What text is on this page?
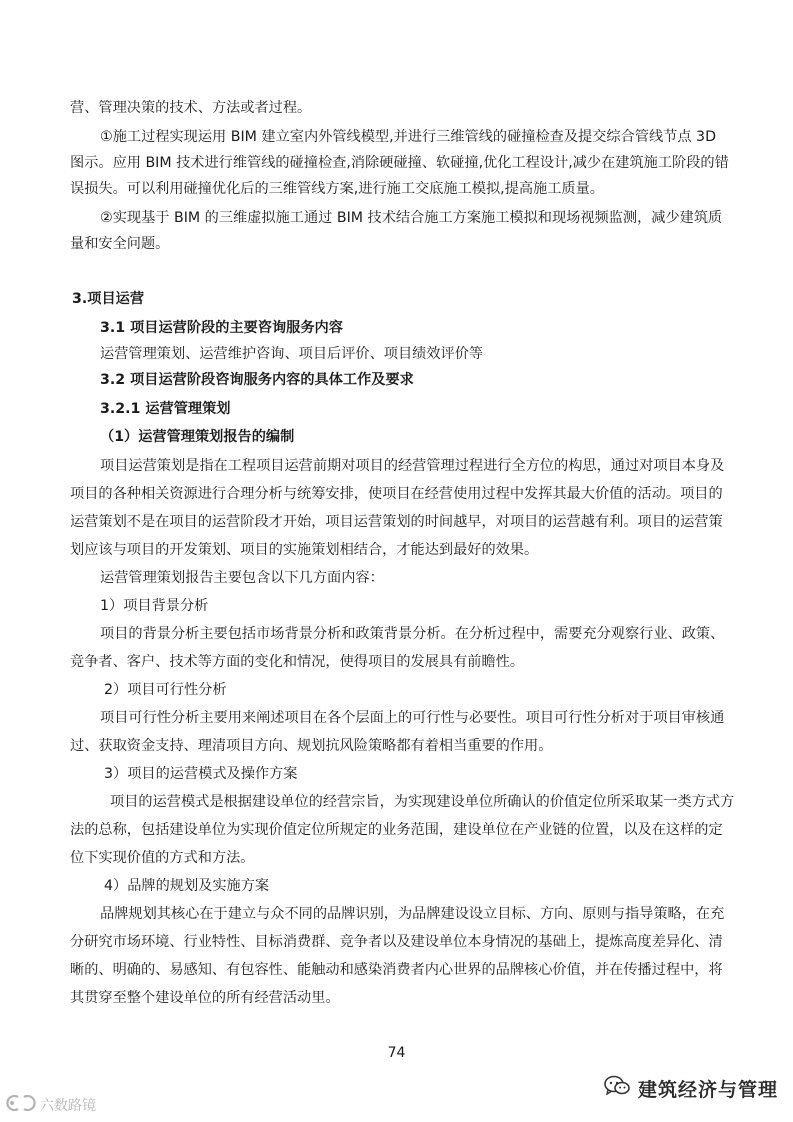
营、管理决策的技术、方法或者过程。
①施工过程实现运用 BIM 建立室内外管线模型,并进行三维管线的碰撞检查及提交综合管线节点 3D
图示。应用 BIM 技术进行维管线的碰撞检查,消除硬碰撞、软碰撞,优化工程设计,减少在建筑施工阶段的错
误损失。可以利用碰撞优化后的三维管线方案,进行施工交底施工模拟,提高施工质量。
②实现基于 BIM 的三维虚拟施工通过 BIM 技术结合施工方案施工模拟和现场视频监测，减少建筑质
量和安全问题。
3.项目运营
3.1 项目运营阶段的主要咨询服务内容
运营管理策划、运营维护咨询、项目后评价、项目绩效评价等
3.2 项目运营阶段咨询服务内容的具体工作及要求
3.2.1 运营管理策划
（1）运营管理策划报告的编制
项目运营策划是指在工程项目运营前期对项目的经营管理过程进行全方位的构思，通过对项目本身及
项目的各种相关资源进行合理分析与统筹安排，使项目在经营使用过程中发挥其最大价值的活动。项目的
运营策划不是在项目的运营阶段才开始，项目运营策划的时间越早，对项目的运营越有利。项目的运营策
划应该与项目的开发策划、项目的实施策划相结合，才能达到最好的效果。
运营管理策划报告主要包含以下几方面内容：
1）项目背景分析
项目的背景分析主要包括市场背景分析和政策背景分析。在分析过程中，需要充分观察行业、政策、
竞争者、客户、技术等方面的变化和情况，使得项目的发展具有前瞻性。
2）项目可行性分析
项目可行性分析主要用来阐述项目在各个层面上的可行性与必要性。项目可行性分析对于项目审核通
过、获取资金支持、理清项目方向、规划抗风险策略都有着相当重要的作用。
3）项目的运营模式及操作方案
项目的运营模式是根据建设单位的经营宗旨，为实现建设单位所确认的价值定位所采取某一类方式方
法的总称，包括建设单位为实现价值定位所规定的业务范围，建设单位在产业链的位置，以及在这样的定
位下实现价值的方式和方法。
4）品牌的规划及实施方案
品牌规划其核心在于建立与众不同的品牌识别，为品牌建设设立目标、方向、原则与指导策略，在充
分研究市场环境、行业特性、目标消费群、竞争者以及建设单位本身情况的基础上，提炼高度差异化、清
晰的、明确的、易感知、有包容性、能触动和感染消费者内心世界的品牌核心价值，并在传播过程中，将
其贯穿至整个建设单位的所有经营活动里。
74
六数路镜
建筑经济与管理
